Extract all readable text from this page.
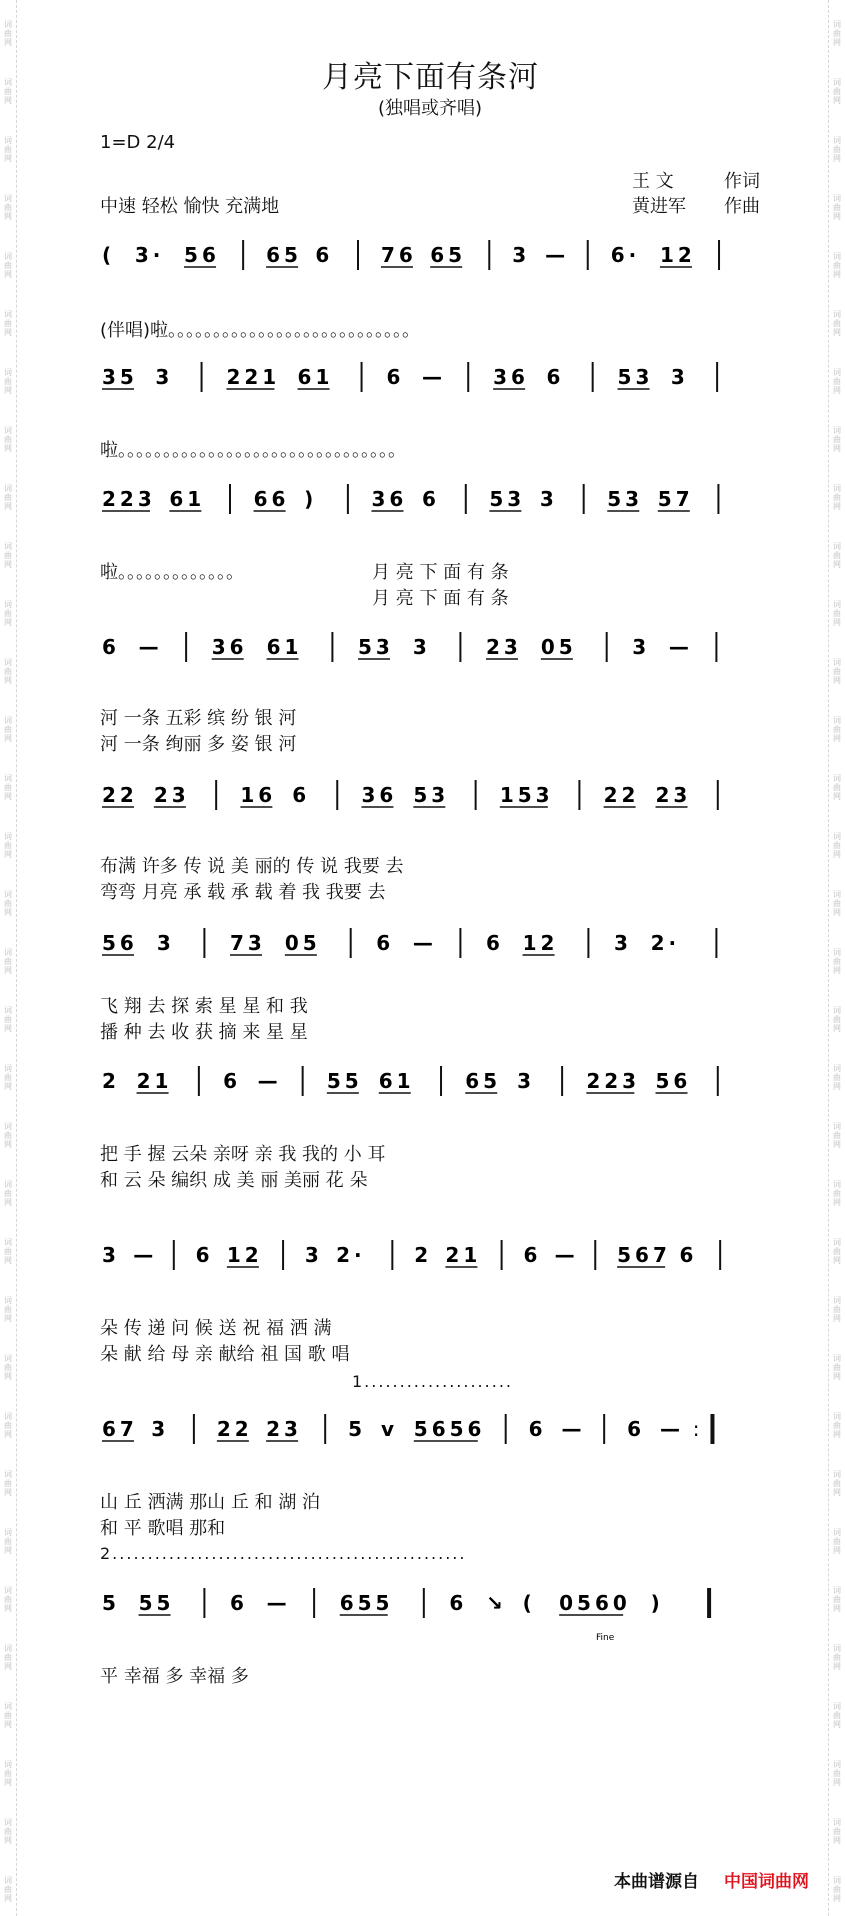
词
曲
网
词
曲
网
词
曲
网
词
曲
网
词
曲
网
词
曲
网
词
曲
网
词
曲
网
词
曲
网
词
曲
网
词
曲
网
词
曲
网
词
曲
网
词
曲
网
词
曲
网
词
曲
网
词
曲
网
词
曲
网
词
曲
网
词
曲
网
词
曲
网
词
曲
网
词
曲
网
词
曲
网
词
曲
网
词
曲
网
词
曲
网
词
曲
网
词
曲
网
词
曲
网
词
曲
网
词
曲
网
词
曲
网
词
曲
网
词
曲
网
词
曲
网
词
曲
网
词
曲
网
词
曲
网
词
曲
网
词
曲
网
词
曲
网
词
曲
网
词
曲
网
词
曲
网
词
曲
网
词
曲
网
词
曲
网
词
曲
网
词
曲
网
词
曲
网
词
曲
网
词
曲
网
词
曲
网
词
曲
网
词
曲
网
词
曲
网
词
曲
网
词
曲
网
词
曲
网
词
曲
网
词
曲
网
词
曲
网
词
曲
网
词
曲
网
词
曲
网
月亮下面有条河
(独唱或齐唱)
1=D 2/4
中速 轻松 愉快 充满地
王 文	作词
黄进军 作曲
( 3· 56 65 6 76 65 3 — 6· 12
35 3	221 61	6 — 36 6	53 3
223 61 66 )	36 6 53 3 53 57
6 — 36 61	53 3	23 05	3 —
22 23	16 6	36 53	153	22 23
56 3	73 05	6 — 6 12	3 2·
2 21	6 — 55 61	65 3	223 56
3 — 6 12 3 2· 2 21 6 — 567 6
67 3 22 23 5 v 5656 6 — 6 — :
5 55	6 — 655	6 ↘ ( 0560 )
Fine
(伴唱)啦。。。。。。。。。。。。。。。。。。。。。。。。。。。
啦。。。。。。。。。。。。。。。。。。。。。。。。。。。。。。。
啦。。。。。。。。。。。。。	月 亮 下 面 有 条
月 亮 下 面 有 条
河 一条 五彩 缤 纷 银 河
河 一条 绚丽 多 姿 银 河
布满 许多 传 说 美 丽的 传 说 我要 去
弯弯 月亮 承 载 承 载 着 我 我要 去
飞 翔 去 探 索 星 星 和 我
播 种 去 收 获 摘 来 星 星
把 手 握 云朵 亲呀 亲 我 我的 小 耳
和 云 朵 编织 成 美 丽 美丽 花 朵
朵 传 递 问 候 送 祝 福 洒 满
朵 献 给 母 亲 献给 祖 国 歌 唱
1.....................
山 丘 洒满 那山 丘 和 湖 泊
和 平 歌唱 那和
2..................................................
平 幸福 多 幸福 多
本曲谱源自 中国词曲网
